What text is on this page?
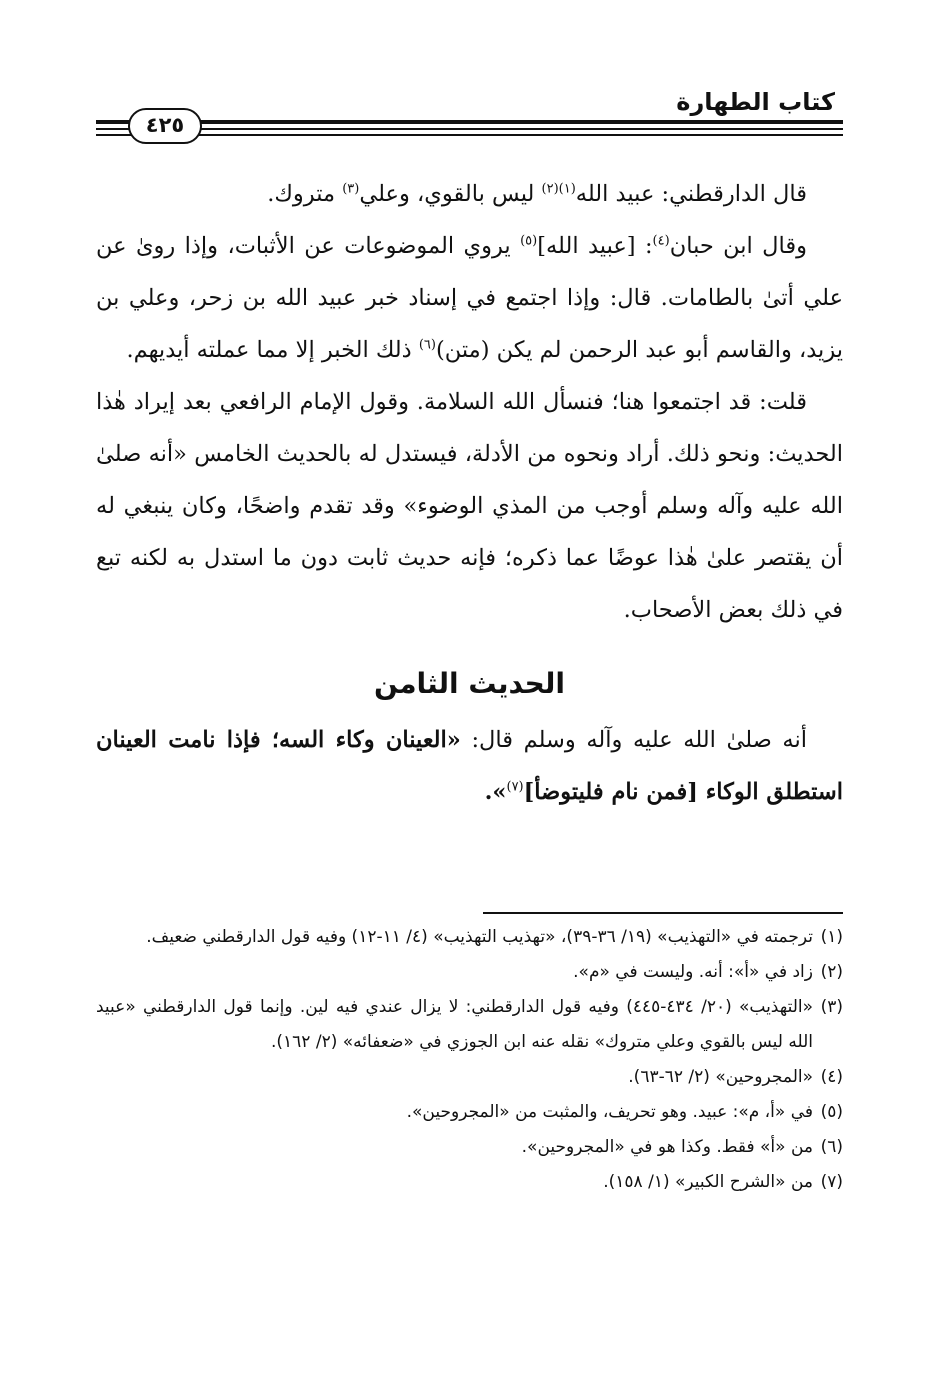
كتاب الطهارة
٤٢٥

قال الدارقطني: عبيد الله$^{(١)(٢)}$ ليس بالقوي، وعلي$^{(٣)}$ متروك.

وقال ابن حبان$^{(٤)}$: [عبيد الله]$^{(٥)}$ يروي الموضوعات عن الأثبات، وإذا روىٰ عن علي أتىٰ بالطامات. قال: وإذا اجتمع في إسناد خبر عبيد الله بن زحر، وعلي بن يزيد، والقاسم أبو عبد الرحمن لم يكن (متن)$^{(٦)}$ ذلك الخبر إلا مما عملته أيديهم.

قلت: قد اجتمعوا هنا؛ فنسأل الله السلامة. وقول الإمام الرافعي بعد إيراد هٰذا الحديث: ونحو ذلك. أراد ونحوه من الأدلة، فيستدل له بالحديث الخامس «أنه صلىٰ الله عليه وآله وسلم أوجب من المذي الوضوء» وقد تقدم واضحًا، وكان ينبغي له أن يقتصر علىٰ هٰذا عوضًا عما ذكره؛ فإنه حديث ثابت دون ما استدل به لكنه تبع في ذلك بعض الأصحاب.

الحديث الثامن

أنه صلىٰ الله عليه وآله وسلم قال: «العينان وكاء السه؛ فإذا نامت العينان استطلق الوكاء [فمن نام فليتوضأ]$^{(٧)}$».

(١)
ترجمته في «التهذيب» (١٩/ ٣٦-٣٩)، «تهذيب التهذيب» (٤/ ١١-١٢) وفيه قول الدارقطني ضعيف.
(٢)
زاد في «أ»: أنه. وليست في «م».
(٣)
«التهذيب» (٢٠/ ٤٣٤-٤٤٥) وفيه قول الدارقطني: لا يزال عندي فيه لين. وإنما قول الدارقطني «عبيد الله ليس بالقوي وعلي متروك» نقله عنه ابن الجوزي في «ضعفائه» (٢/ ١٦٢).
(٤)
«المجروحين» (٢/ ٦٢-٦٣).
(٥)
في «أ، م»: عبيد. وهو تحريف، والمثبت من «المجروحين».
(٦)
من «أ» فقط. وكذا هو في «المجروحين».
(٧)
من «الشرح الكبير» (١/ ١٥٨).
